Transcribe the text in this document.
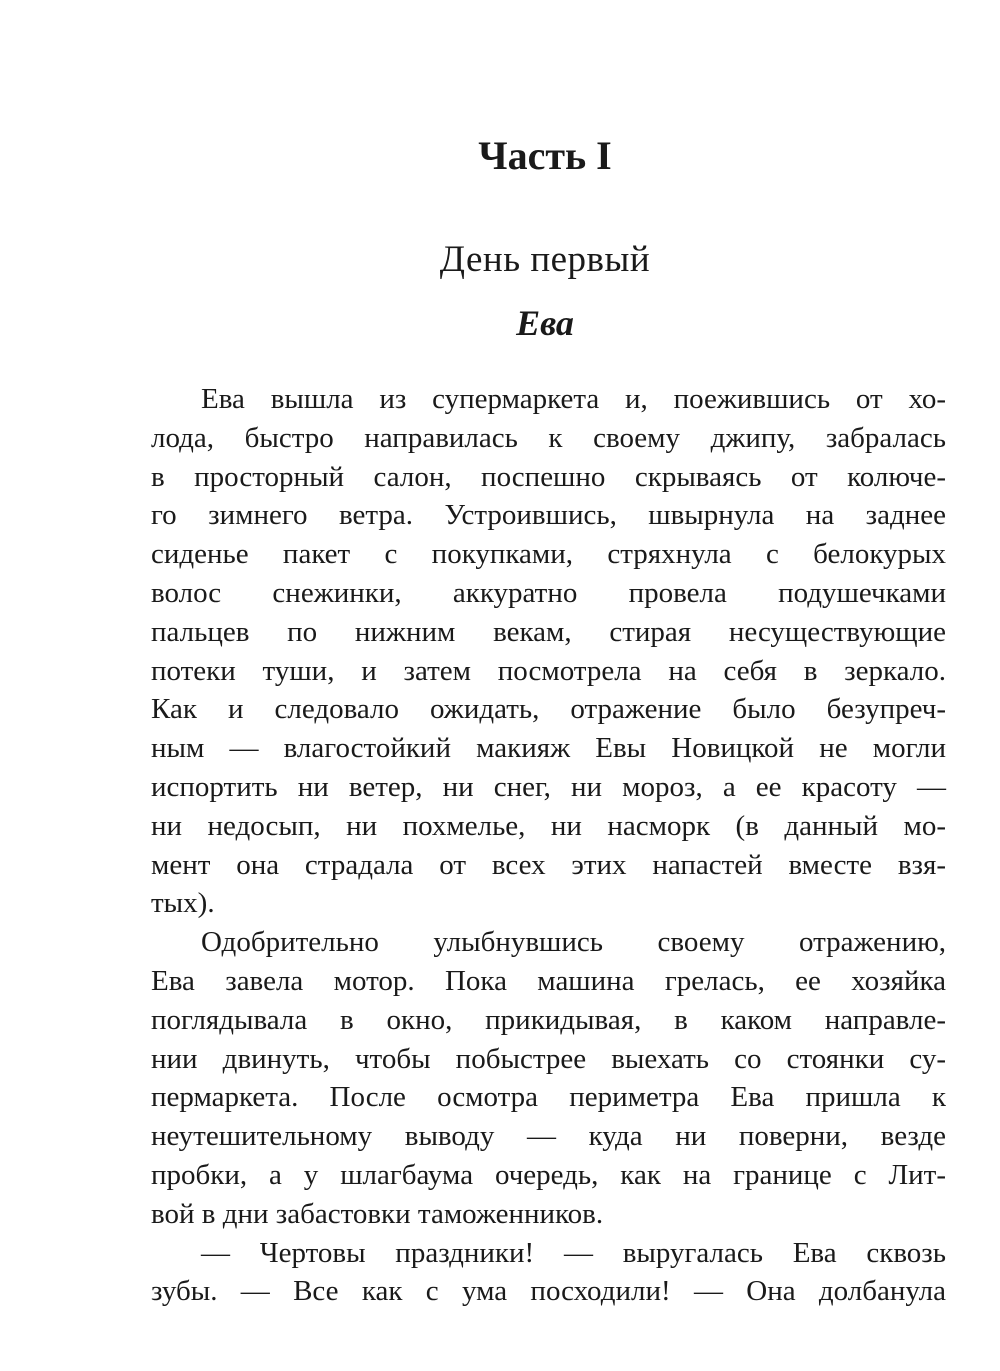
Часть I
День первый
Ева
Ева вышла из супермаркета и, поежившись от хо-
лода, быстро направилась к своему джипу, забралась
в просторный салон, поспешно скрываясь от колюче-
го зимнего ветра. Устроившись, швырнула на заднее
сиденье пакет с покупками, стряхнула с белокурых
волос снежинки, аккуратно провела подушечками
пальцев по нижним векам, стирая несуществующие
потеки туши, и затем посмотрела на себя в зеркало.
Как и следовало ожидать, отражение было безупреч-
ным — влагостойкий макияж Евы Новицкой не могли
испортить ни ветер, ни снег, ни мороз, а ее красоту —
ни недосып, ни похмелье, ни насморк (в данный мо-
мент она страдала от всех этих напастей вместе взя-
тых).
Одобрительно улыбнувшись своему отражению,
Ева завела мотор. Пока машина грелась, ее хозяйка
поглядывала в окно, прикидывая, в каком направле-
нии двинуть, чтобы побыстрее выехать со стоянки су-
пермаркета. После осмотра периметра Ева пришла к
неутешительному выводу — куда ни поверни, везде
пробки, а у шлагбаума очередь, как на границе с Лит-
вой в дни забастовки таможенников.
— Чертовы праздники! — выругалась Ева сквозь
зубы. — Все как с ума посходили! — Она долбанула
